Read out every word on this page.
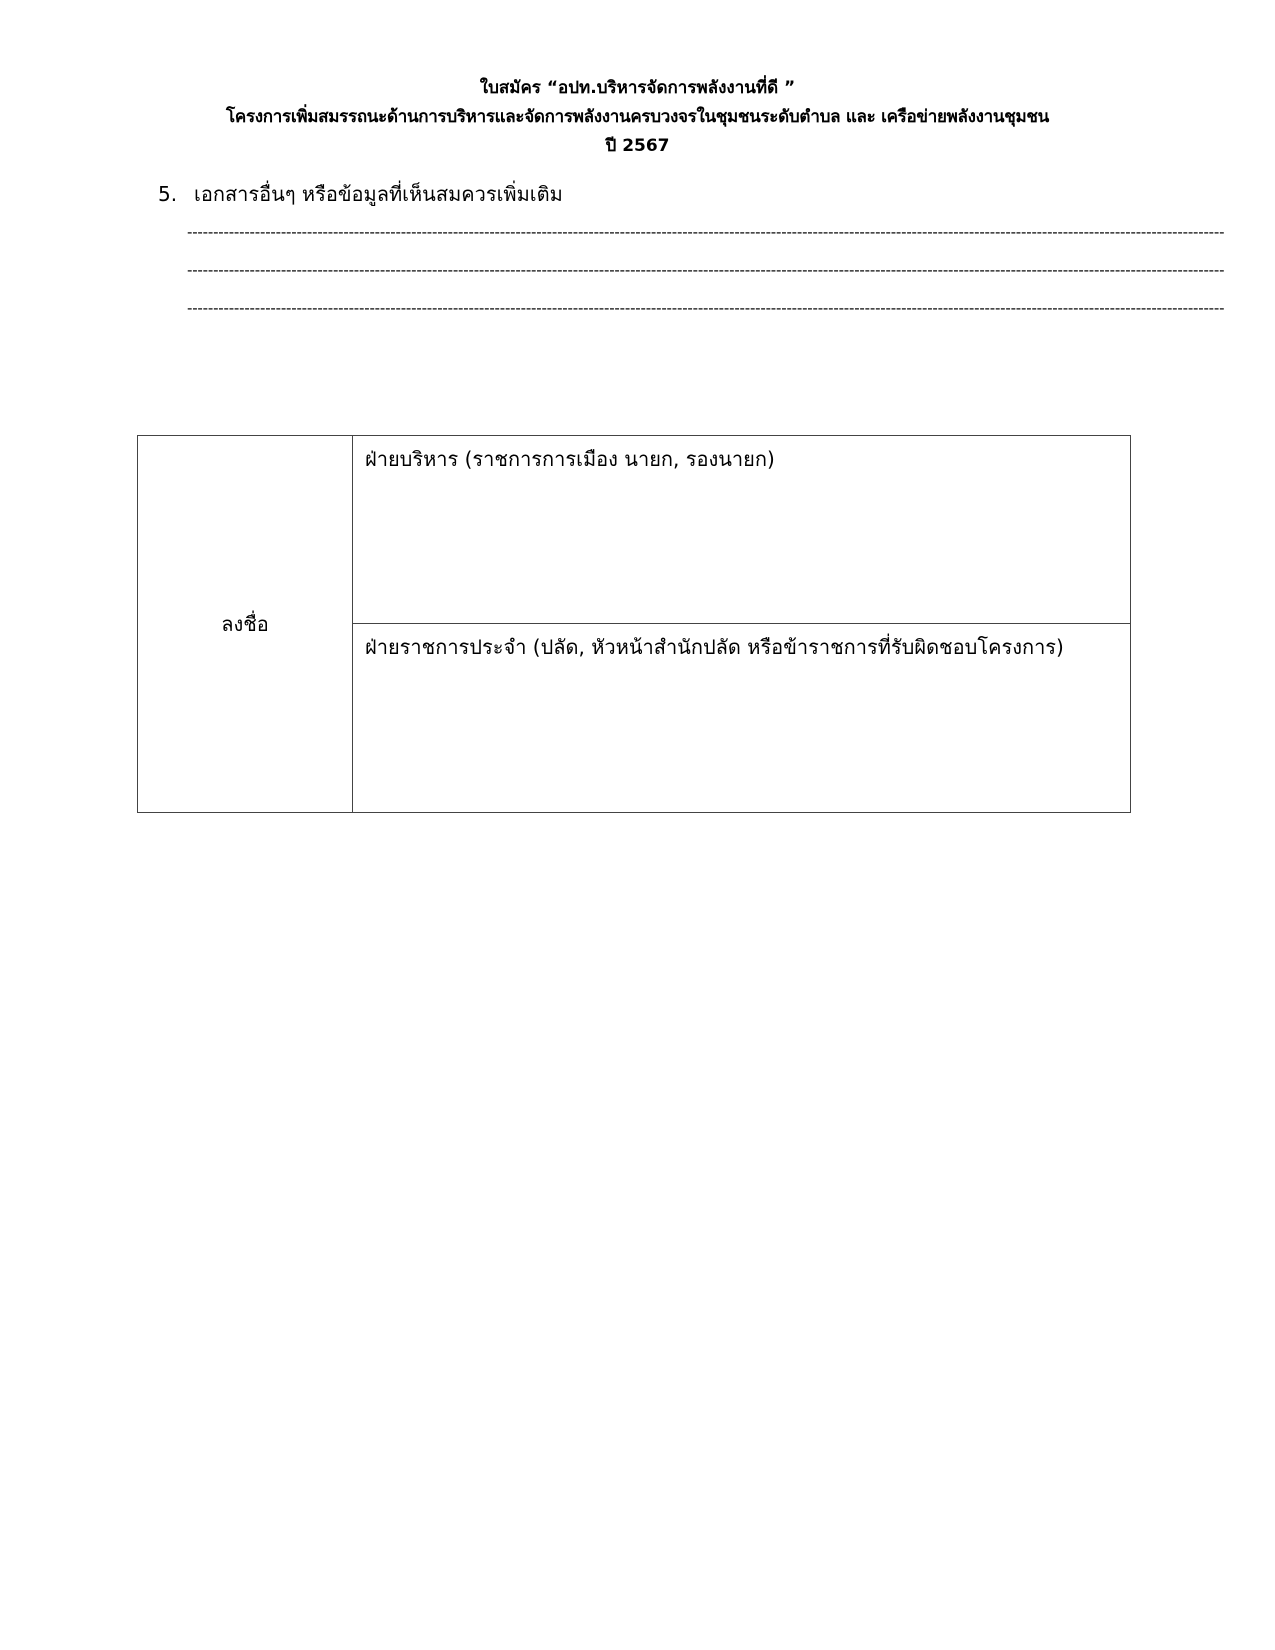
ใบสมัคร “อปท.บริหารจัดการพลังงานที่ดี ”
โครงการเพิ่มสมรรถนะด้านการบริหารและจัดการพลังงานครบวงจรในชุมชนระดับตำบล และ เครือข่ายพลังงานชุมชน
ปี 2567
5. เอกสารอื่นๆ หรือข้อมูลที่เห็นสมควรเพิ่มเติม
-------------------------------------------------------------------------------------------------------------------------------------------------------------------------------------------------------
-------------------------------------------------------------------------------------------------------------------------------------------------------------------------------------------------------
-------------------------------------------------------------------------------------------------------------------------------------------------------------------------------------------------------
ลงชื่อ	ฝ่ายบริหาร (ราชการการเมือง นายก, รองนายก)
ฝ่ายราชการประจำ (ปลัด, หัวหน้าสำนักปลัด หรือข้าราชการที่รับผิดชอบโครงการ)
